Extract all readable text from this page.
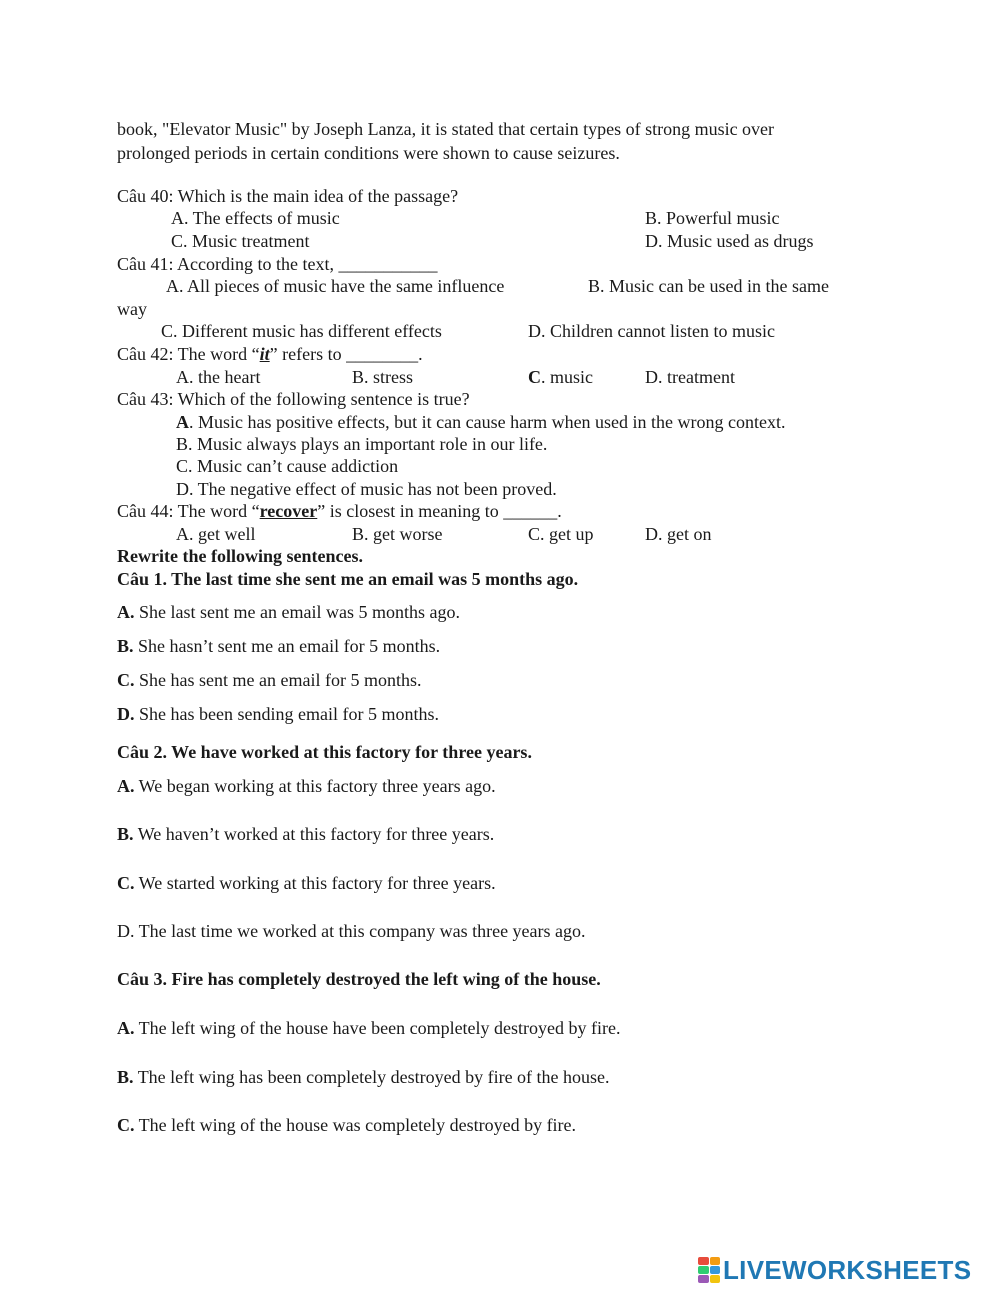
book, "Elevator Music" by Joseph Lanza, it is stated that certain types of strong music over
prolonged periods in certain conditions were shown to cause seizures.
Câu 40: Which is the main idea of the passage?
A. The effects of music	B. Powerful music
C. Music treatment	D. Music used as drugs
Câu 41: According to the text, ___________
A. All pieces of music have the same influence	B. Music can be used in the same
way
C. Different music has different effects	D. Children cannot listen to music
Câu 42: The word “it” refers to ________.
A. the heart	B. stress	C. music	D. treatment
Câu 43: Which of the following sentence is true?
A. Music has positive effects, but it can cause harm when used in the wrong context.
B. Music always plays an important role in our life.
C. Music can’t cause addiction
D. The negative effect of music has not been proved.
Câu 44: The word “recover” is closest in meaning to ______.
A. get well	B. get worse	C. get up	D. get on
Rewrite the following sentences.
Câu 1. The last time she sent me an email was 5 months ago.
A. She last sent me an email was 5 months ago.
B. She hasn’t sent me an email for 5 months.
C. She has sent me an email for 5 months.
D. She has been sending email for 5 months.
Câu 2. We have worked at this factory for three years.
A. We began working at this factory three years ago.
B. We haven’t worked at this factory for three years.
C. We started working at this factory for three years.
D. The last time we worked at this company was three years ago.
Câu 3. Fire has completely destroyed the left wing of the house.
A. The left wing of the house have been completely destroyed by fire.
B. The left wing has been completely destroyed by fire of the house.
C. The left wing of the house was completely destroyed by fire.
LIVEWORKSHEETS
